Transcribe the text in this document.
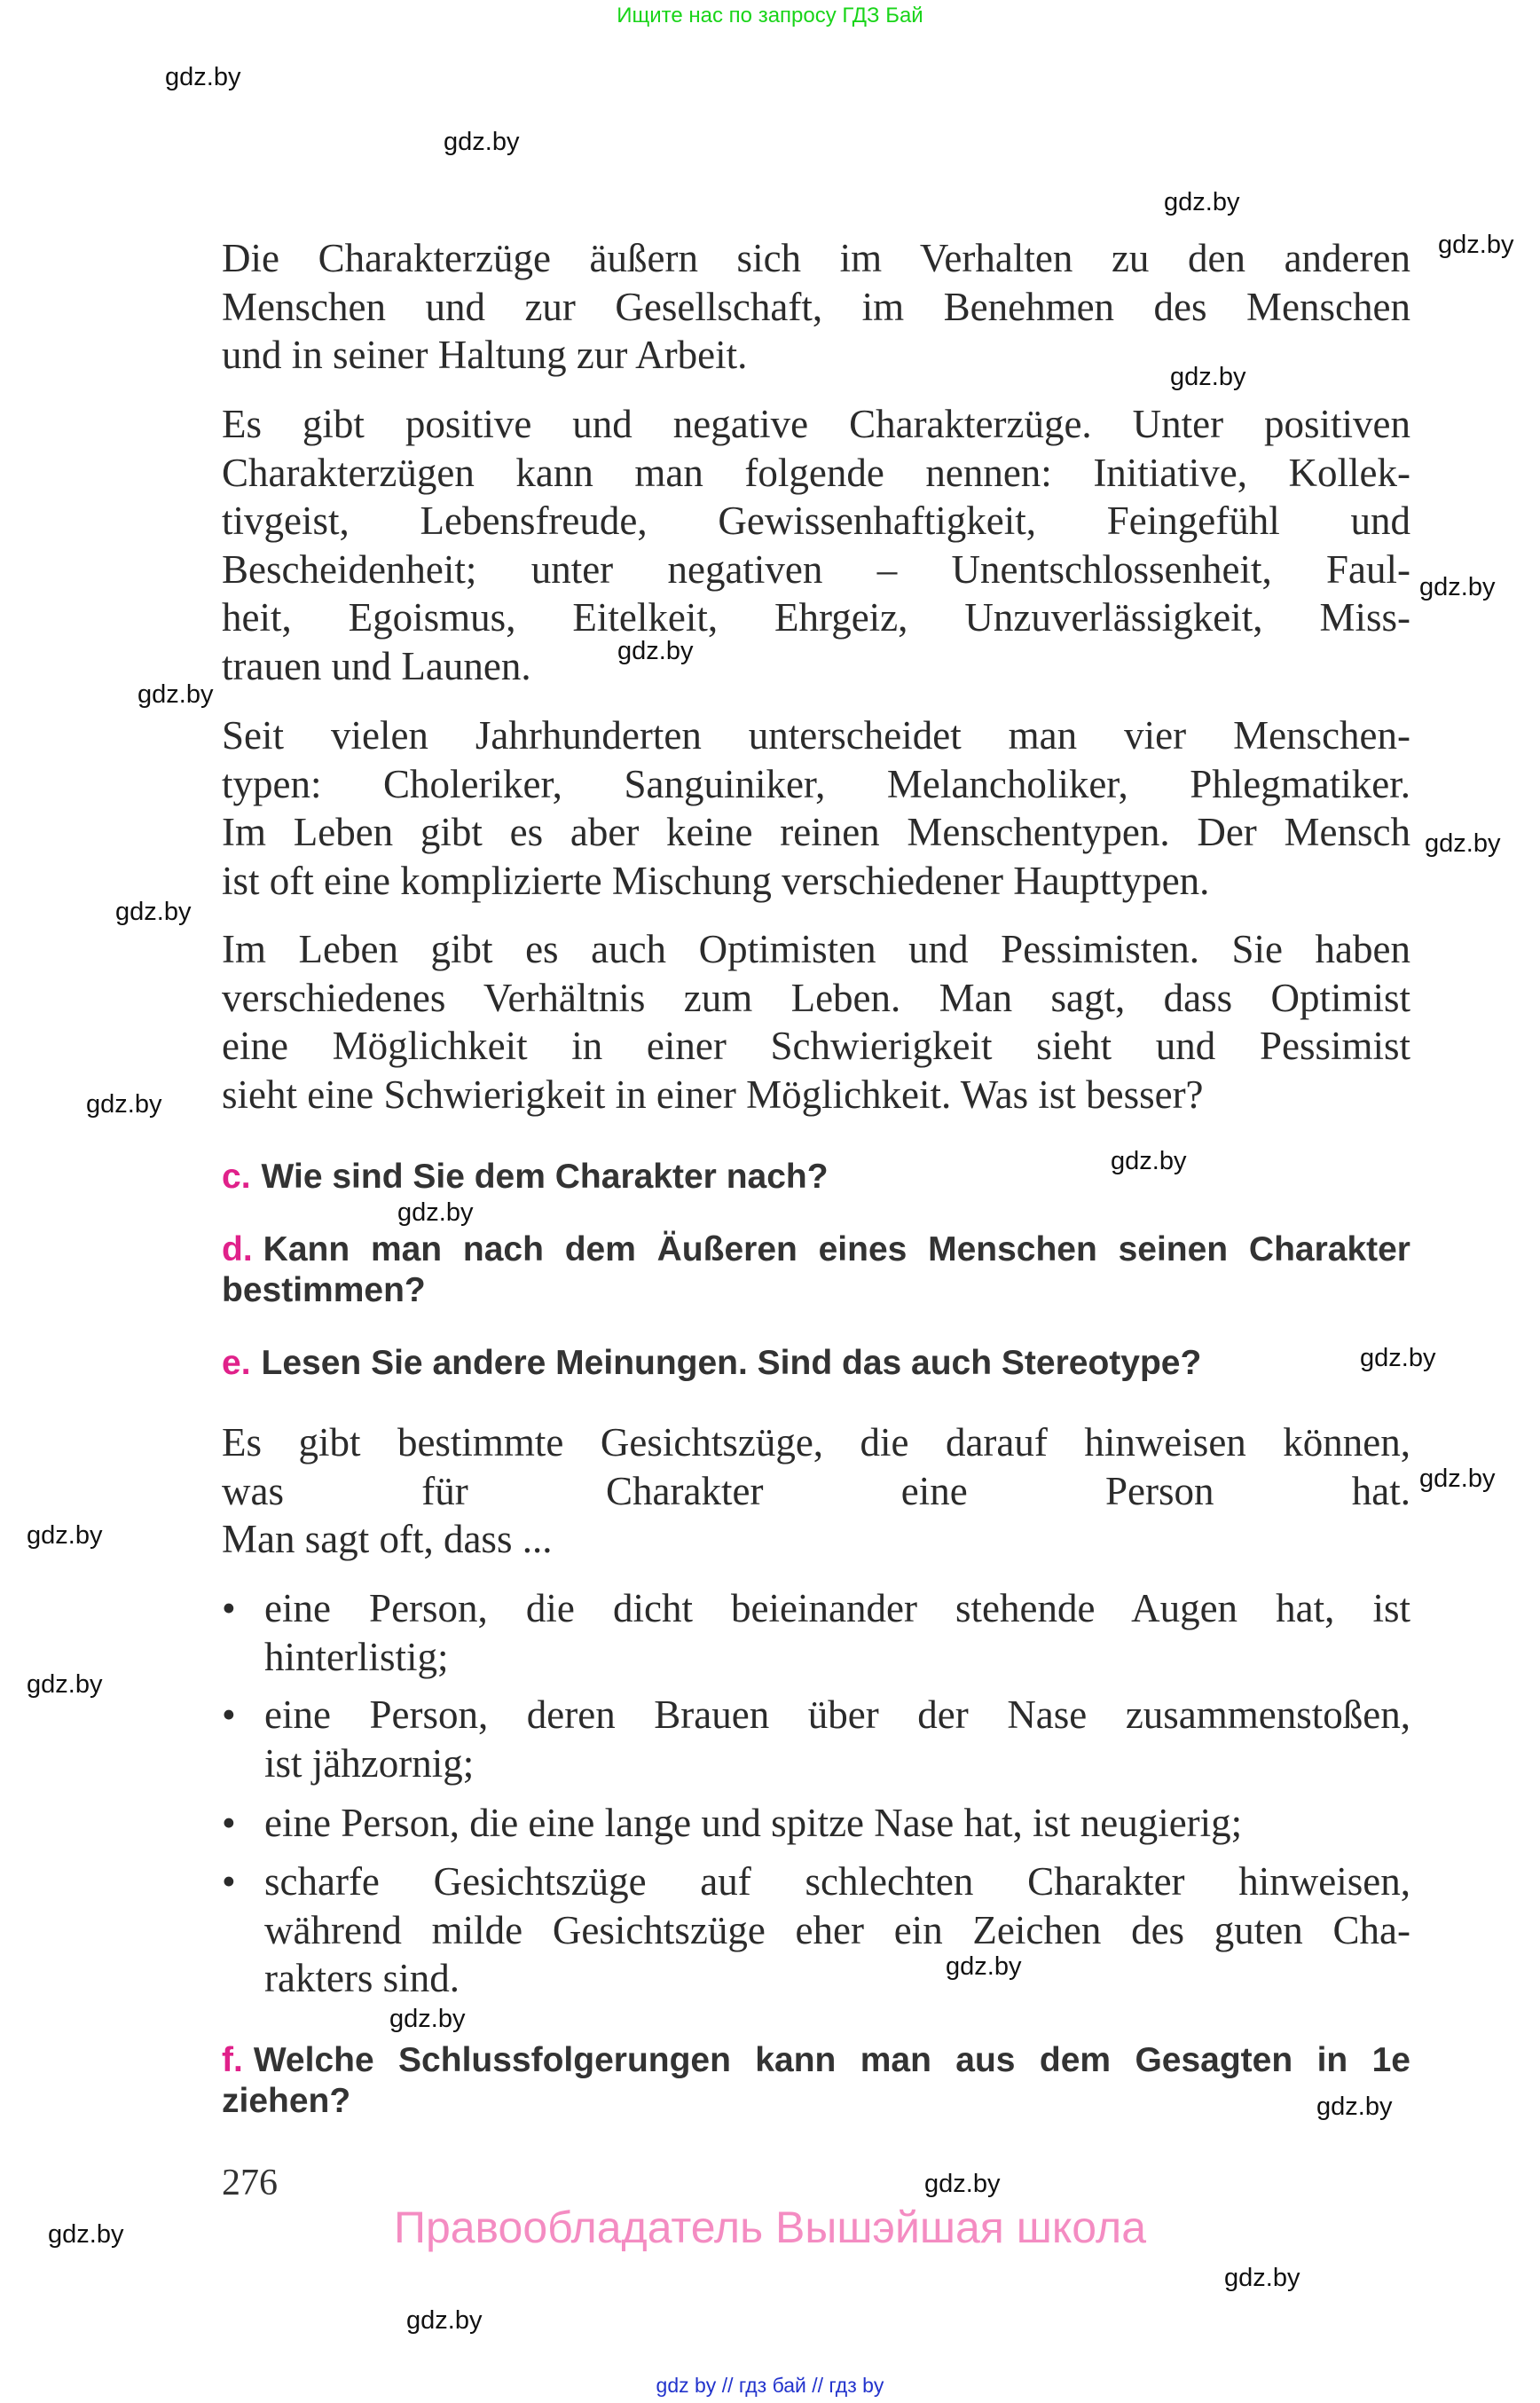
Ищите нас по запросу ГДЗ Бай
Die Charakterzüge äußern sich im Verhalten zu den anderen
Menschen und zur Gesellschaft, im Benehmen des Menschen
und in seiner Haltung zur Arbeit.
Es gibt positive und negative Charakterzüge. Unter positiven
Charakterzügen kann man folgende nennen: Initiative, Kollek-
tivgeist, Lebensfreude, Gewissenhaftigkeit, Feingefühl und
Bescheidenheit; unter negativen – Unentschlossenheit, Faul-
heit, Egoismus, Eitelkeit, Ehrgeiz, Unzuverlässigkeit, Miss-
trauen und Launen.
Seit vielen Jahrhunderten unterscheidet man vier Menschen-
typen: Choleriker, Sanguiniker, Melancholiker, Phlegmatiker.
Im Leben gibt es aber keine reinen Menschentypen. Der Mensch
ist oft eine komplizierte Mischung verschiedener Haupttypen.
Im Leben gibt es auch Optimisten und Pessimisten. Sie haben
verschiedenes Verhältnis zum Leben. Man sagt, dass Optimist
eine Möglichkeit in einer Schwierigkeit sieht und Pessimist
sieht eine Schwierigkeit in einer Möglichkeit. Was ist besser?
c. Wie sind Sie dem Charakter nach?
d. Kann man nach dem Äußeren eines Menschen seinen Charakter
bestimmen?
e. Lesen Sie andere Meinungen. Sind das auch Stereotype?
Es gibt bestimmte Gesichtszüge, die darauf hinweisen können,
was für Charakter eine Person hat.
Man sagt oft, dass ...
• eine Person, die dicht beieinander stehende Augen hat, ist
hinterlistig;
• eine Person, deren Brauen über der Nase zusammenstoßen,
ist jähzornig;
• eine Person, die eine lange und spitze Nase hat, ist neugierig;
• scharfe Gesichtszüge auf schlechten Charakter hinweisen,
während milde Gesichtszüge eher ein Zeichen des guten Cha-
rakters sind.
f. Welche Schlussfolgerungen kann man aus dem Gesagten in 1e
ziehen?
276
Правообладатель Вышэйшая школа
gdz by // гдз бай // гдз by
gdz.by
gdz.by
gdz.by
gdz.by
gdz.by
gdz.by
gdz.by
gdz.by
gdz.by
gdz.by
gdz.by
gdz.by
gdz.by
gdz.by
gdz.by
gdz.by
gdz.by
gdz.by
gdz.by
gdz.by
gdz.by
gdz.by
gdz.by
gdz.by
